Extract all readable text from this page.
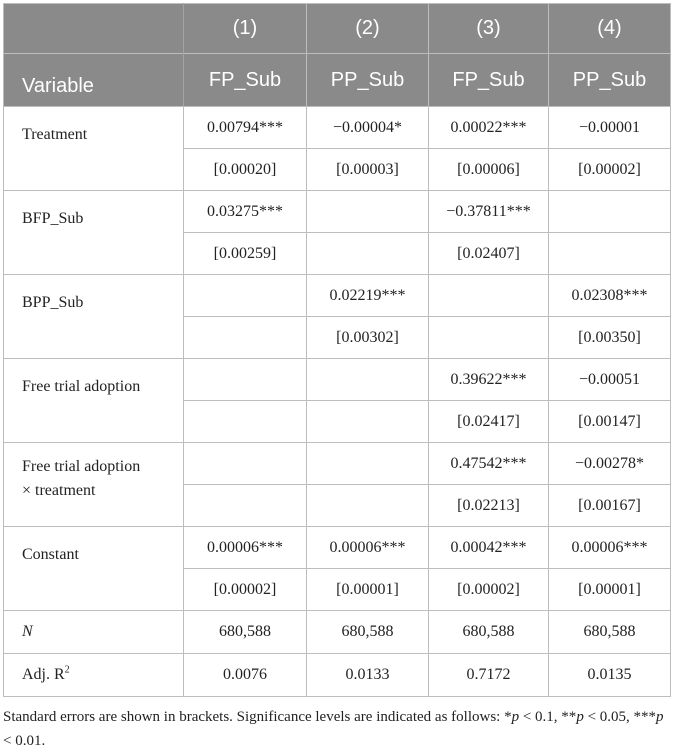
	(1)	(2)	(3)	(4)
Variable	FP_Sub	PP_Sub	FP_Sub	PP_Sub
Treatment	0.00794***	−0.00004*	0.00022***	−0.00001
	[0.00020]	[0.00003]	[0.00006]	[0.00002]
BFP_Sub	0.03275***		−0.37811***	
	[0.00259]		[0.02407]	
BPP_Sub		0.02219***		0.02308***
		[0.00302]		[0.00350]
Free trial adoption			0.39622***	−0.00051
			[0.02417]	[0.00147]
Free trial adoption
× treatment			0.47542***	−0.00278*
			[0.02213]	[0.00167]
Constant	0.00006***	0.00006***	0.00042***	0.00006***
	[0.00002]	[0.00001]	[0.00002]	[0.00001]
N	680,588	680,588	680,588	680,588
Adj. $R^2$	0.0076	0.0133	0.7172	0.0135
Standard errors are shown in brackets. Significance levels are indicated as follows: *p < 0.1, **p < 0.05, ***p < 0.01.
